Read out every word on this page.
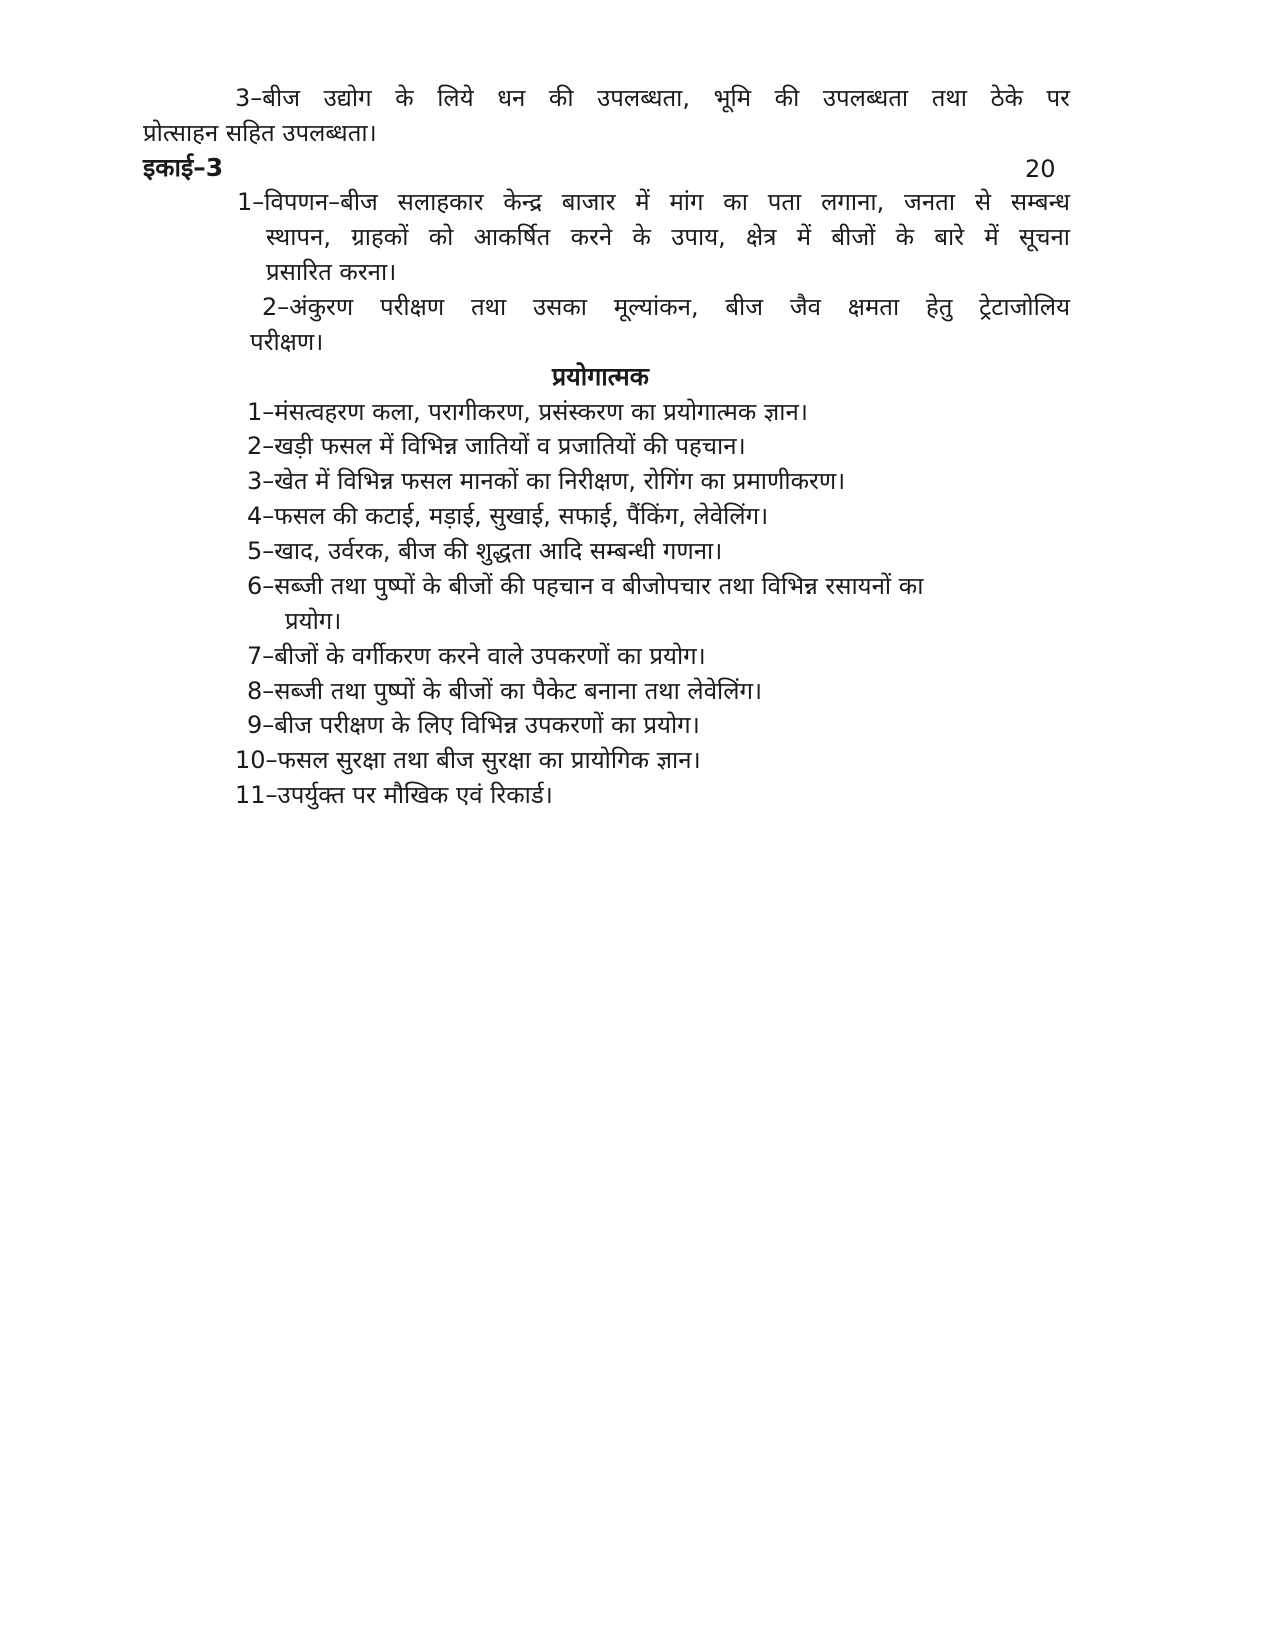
3–बीज उद्योग के लिये धन की उपलब्धता, भूमि की उपलब्धता तथा ठेके पर
प्रोत्साहन सहित उपलब्धता।
इकाई–3	20
1–विपणन–बीज सलाहकार केन्द्र बाजार में मांग का पता लगाना, जनता से सम्बन्ध
स्थापन, ग्राहकों को आकर्षित करने के उपाय, क्षेत्र में बीजों के बारे में सूचना
प्रसारित करना।
2–अंकुरण परीक्षण तथा उसका मूल्यांकन, बीज जैव क्षमता हेतु ट्रेटाजोलिय
परीक्षण।
प्रयोगात्मक
1–मंसत्वहरण कला, परागीकरण, प्रसंस्करण का प्रयोगात्मक ज्ञान।
2–खड़ी फसल में विभिन्न जातियों व प्रजातियों की पहचान।
3–खेत में विभिन्न फसल मानकों का निरीक्षण, रोगिंग का प्रमाणीकरण।
4–फसल की कटाई, मड़ाई, सुखाई, सफाई, पैंकिंग, लेवेलिंग।
5–खाद, उर्वरक, बीज की शुद्धता आदि सम्बन्धी गणना।
6–सब्जी तथा पुष्पों के बीजों की पहचान व बीजोपचार तथा विभिन्न रसायनों का
प्रयोग।
7–बीजों के वर्गीकरण करने वाले उपकरणों का प्रयोग।
8–सब्जी तथा पुष्पों के बीजों का पैकेट बनाना तथा लेवेलिंग।
9–बीज परीक्षण के लिए विभिन्न उपकरणों का प्रयोग।
10–फसल सुरक्षा तथा बीज सुरक्षा का प्रायोगिक ज्ञान।
11–उपर्युक्त पर मौखिक एवं रिकार्ड।
